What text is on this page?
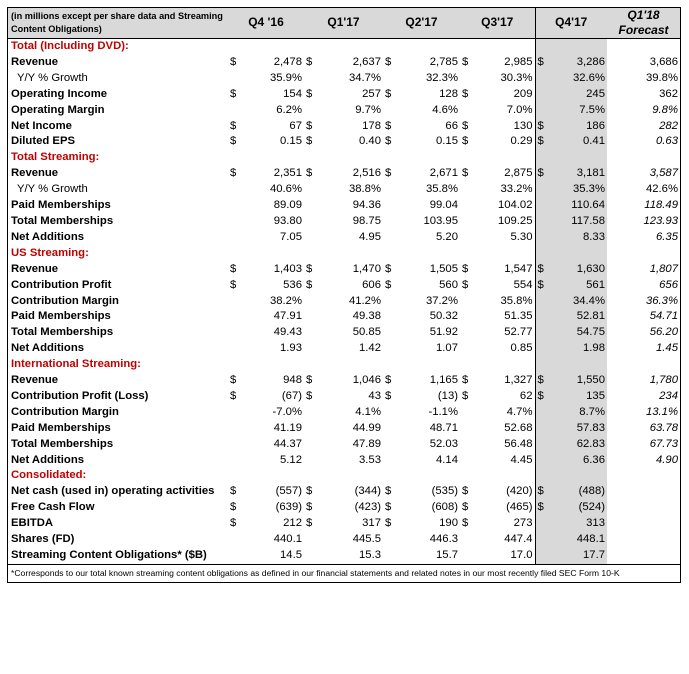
(in millions except per share data and Streaming Content Obligations)	Q4 '16	Q1'17	Q2'17	Q3'17	Q4'17	Q1'18
Forecast

Total (Including DVD):						
Revenue	$ 2,478	$ 2,637	$ 2,785	$ 2,985	$ 3,286	3,686

Y/Y % Growth	35.9%	34.7%	32.3%	30.3%	32.6%	39.8%

Operating Income	$ 154	$ 257	$ 128	$ 209	245	362

Operating Margin	6.2%	9.7%	4.6%	7.0%	7.5%	9.8%

Net Income	$ 67	$ 178	$ 66	$ 130	$ 186	282

Diluted EPS	$ 0.15	$ 0.40	$ 0.15	$ 0.29	$ 0.41	0.63

Total Streaming:						
Revenue	$ 2,351	$ 2,516	$ 2,671	$ 2,875	$ 3,181	3,587

Y/Y % Growth	40.6%	38.8%	35.8%	33.2%	35.3%	42.6%

Paid Memberships	89.09	94.36	99.04	104.02	110.64	118.49

Total Memberships	93.80	98.75	103.95	109.25	117.58	123.93

Net Additions	7.05	4.95	5.20	5.30	8.33	6.35

US Streaming:						
Revenue	$ 1,403	$ 1,470	$ 1,505	$ 1,547	$ 1,630	1,807

Contribution Profit	$ 536	$ 606	$ 560	$ 554	$ 561	656

Contribution Margin	38.2%	41.2%	37.2%	35.8%	34.4%	36.3%

Paid Memberships	47.91	49.38	50.32	51.35	52.81	54.71

Total Memberships	49.43	50.85	51.92	52.77	54.75	56.20

Net Additions	1.93	1.42	1.07	0.85	1.98	1.45

International Streaming:						
Revenue	$ 948	$ 1,046	$ 1,165	$ 1,327	$ 1,550	1,780

Contribution Profit (Loss)	$ (67)	$ 43	$ (13)	$ 62	$ 135	234

Contribution Margin	-7.0%	4.1%	-1.1%	4.7%	8.7%	13.1%

Paid Memberships	41.19	44.99	48.71	52.68	57.83	63.78

Total Memberships	44.37	47.89	52.03	56.48	62.83	67.73

Net Additions	5.12	3.53	4.14	4.45	6.36	4.90

Consolidated:						
Net cash (used in) operating activities	$ (557)	$ (344)	$ (535)	$ (420)	$ (488)	

Free Cash Flow	$ (639)	$ (423)	$ (608)	$ (465)	$ (524)	

EBITDA	$ 212	$ 317	$ 190	$ 273	313	

Shares (FD)	440.1	445.5	446.3	447.4	448.1	

Streaming Content Obligations* ($B)	14.5	15.3	15.7	17.0	17.7	

*Corresponds to our total known streaming content obligations as defined in our financial statements and related notes in our most recently filed SEC Form 10-K
